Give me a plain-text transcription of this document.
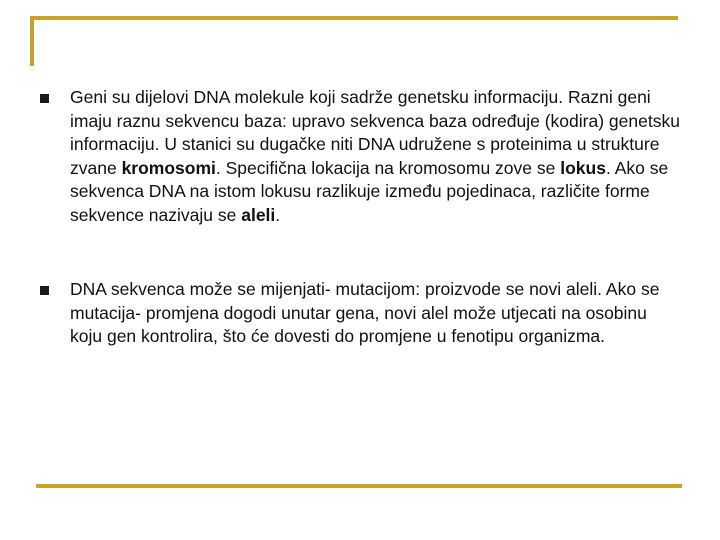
Geni su dijelovi DNA molekule koji sadrže genetsku informaciju. Razni geni imaju raznu sekvencu baza: upravo sekvenca baza određuje (kodira) genetsku informaciju. U stanici su dugačke niti DNA udružene s proteinima u strukture zvane kromosomi. Specifična lokacija na kromosomu zove se lokus. Ako se sekvenca DNA na istom lokusu razlikuje između pojedinaca, različite forme sekvence nazivaju se aleli.

DNA sekvenca može se mijenjati- mutacijom: proizvode se novi aleli. Ako se mutacija- promjena dogodi unutar gena, novi alel može utjecati na osobinu koju gen kontrolira, što će dovesti do promjene u fenotipu organizma.
